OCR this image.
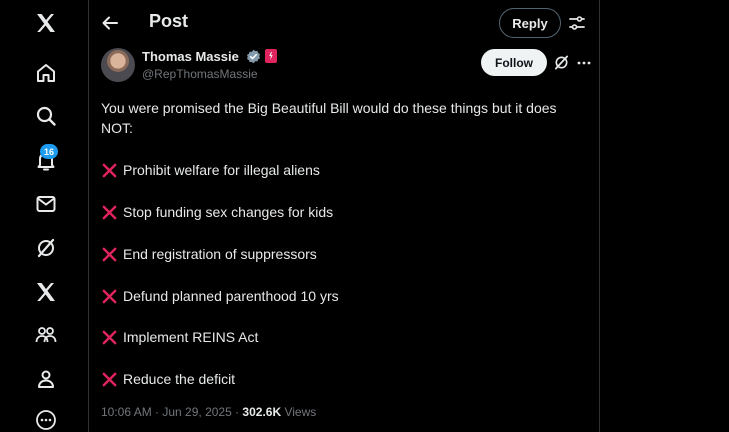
16
Post	Reply
Thomas Massie
@RepThomasMassie
Follow

You were promised the Big Beautiful Bill would do these things but it does NOT:

Prohibit welfare for illegal aliens
Stop funding sex changes for kids
End registration of suppressors
Defund planned parenthood 10 yrs
Implement REINS Act
Reduce the deficit
10:06 AM · Jun 29, 2025 · 302.6K Views
